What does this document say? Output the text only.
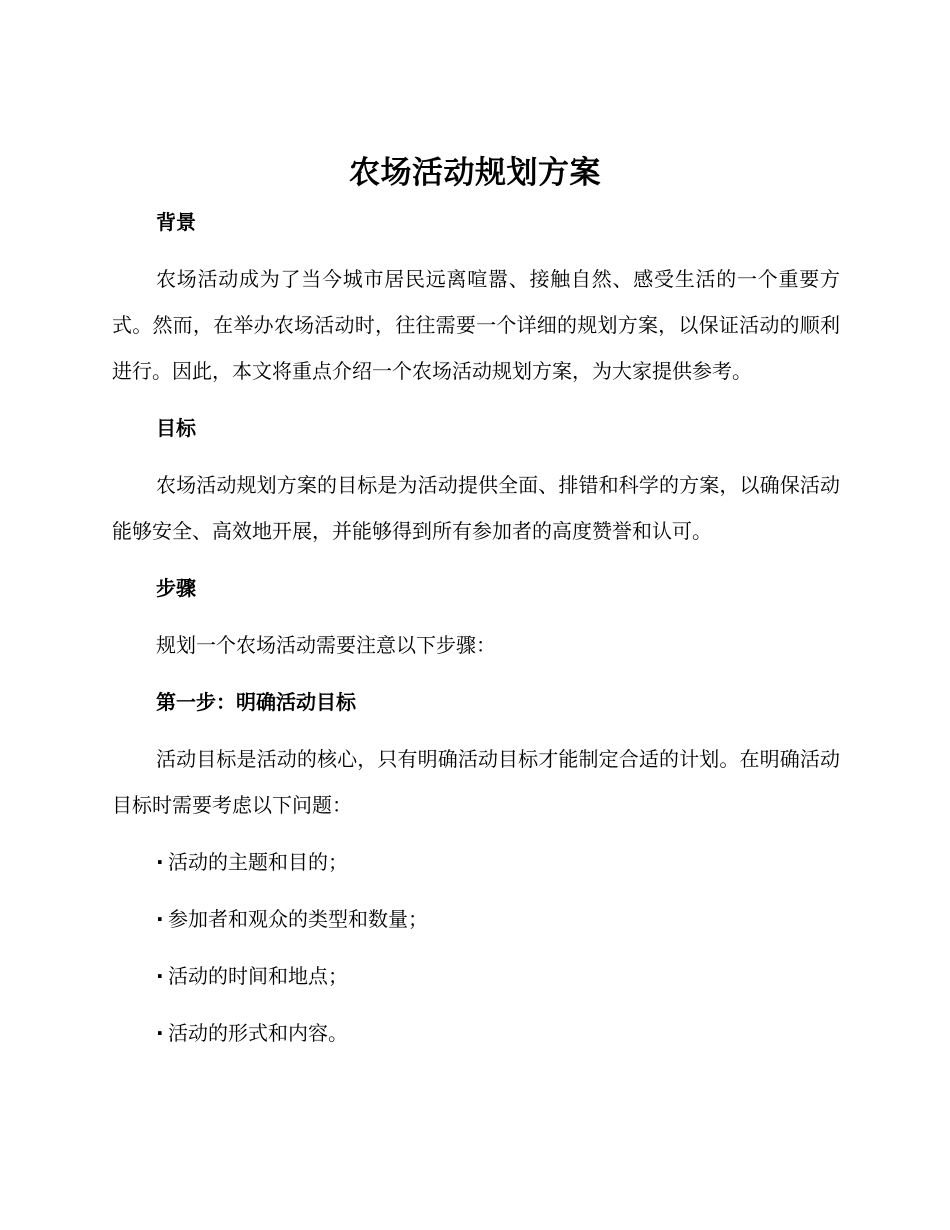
农场活动规划方案
背景

农场活动成为了当今城市居民远离喧嚣、接触自然、感受生活的一个重要方式。然而，在举办农场活动时，往往需要一个详细的规划方案，以保证活动的顺利进行。因此，本文将重点介绍一个农场活动规划方案，为大家提供参考。

目标

农场活动规划方案的目标是为活动提供全面、排错和科学的方案，以确保活动能够安全、高效地开展，并能够得到所有参加者的高度赞誉和认可。

步骤

规划一个农场活动需要注意以下步骤：

第一步：明确活动目标

活动目标是活动的核心，只有明确活动目标才能制定合适的计划。在明确活动目标时需要考虑以下问题：

· 活动的主题和目的；
· 参加者和观众的类型和数量；
· 活动的时间和地点；
· 活动的形式和内容。
